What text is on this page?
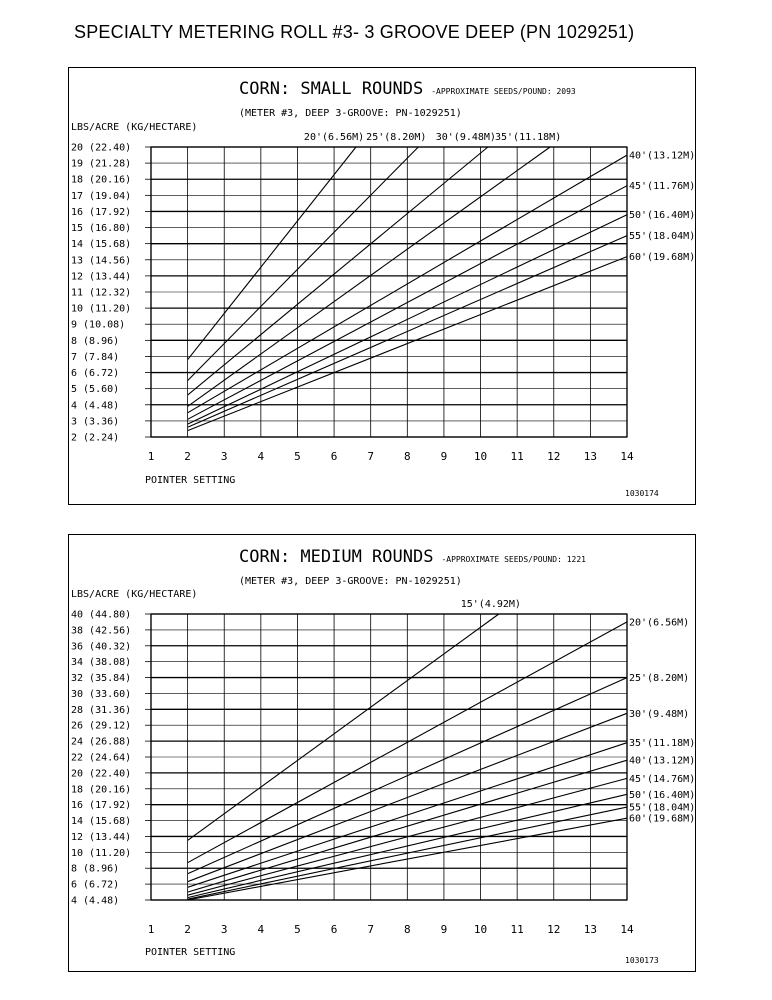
SPECIALTY METERING ROLL #3- 3 GROOVE DEEP (PN 1029251)
CORN: SMALL ROUNDS -APPROXIMATE SEEDS/POUND: 2093
(METER #3, DEEP 3-GROOVE: PN-1029251)
LBS/ACRE (KG/HECTARE)
20 (22.40)
19 (21.28)
18 (20.16)
17 (19.04)
16 (17.92)
15 (16.80)
14 (15.68)
13 (14.56)
12 (13.44)
11 (12.32)
10 (11.20)
9 (10.08)
8 (8.96)
7 (7.84)
6 (6.72)
5 (5.60)
4 (4.48)
3 (3.36)
2 (2.24)
1	2	3	4	5	6	7	8	9 10 11 12 13 14
20'(6.56M) 25'(8.20M) 30'(9.48M) 35'(11.18M)
40'(13.12M)
45'(11.76M)
50'(16.40M)
55'(18.04M)
60'(19.68M)
POINTER SETTING
1030174
CORN: MEDIUM ROUNDS -APPROXIMATE SEEDS/POUND: 1221
(METER #3, DEEP 3-GROOVE: PN-1029251)
LBS/ACRE (KG/HECTARE)
40 (44.80)
38 (42.56)
36 (40.32)
34 (38.08)
32 (35.84)
30 (33.60)
28 (31.36)
26 (29.12)
24 (26.88)
22 (24.64)
20 (22.40)
18 (20.16)
16 (17.92)
14 (15.68)
12 (13.44)
10 (11.20)
8 (8.96)
6 (6.72)
4 (4.48)
1	2	3	4	5	6	7	8	9 10 11 12 13 14
15'(4.92M)
20'(6.56M)
25'(8.20M)
30'(9.48M)
35'(11.18M)
40'(13.12M)
45'(14.76M)
50'(16.40M)
55'(18.04M)
60'(19.68M)
POINTER SETTING
1030173
